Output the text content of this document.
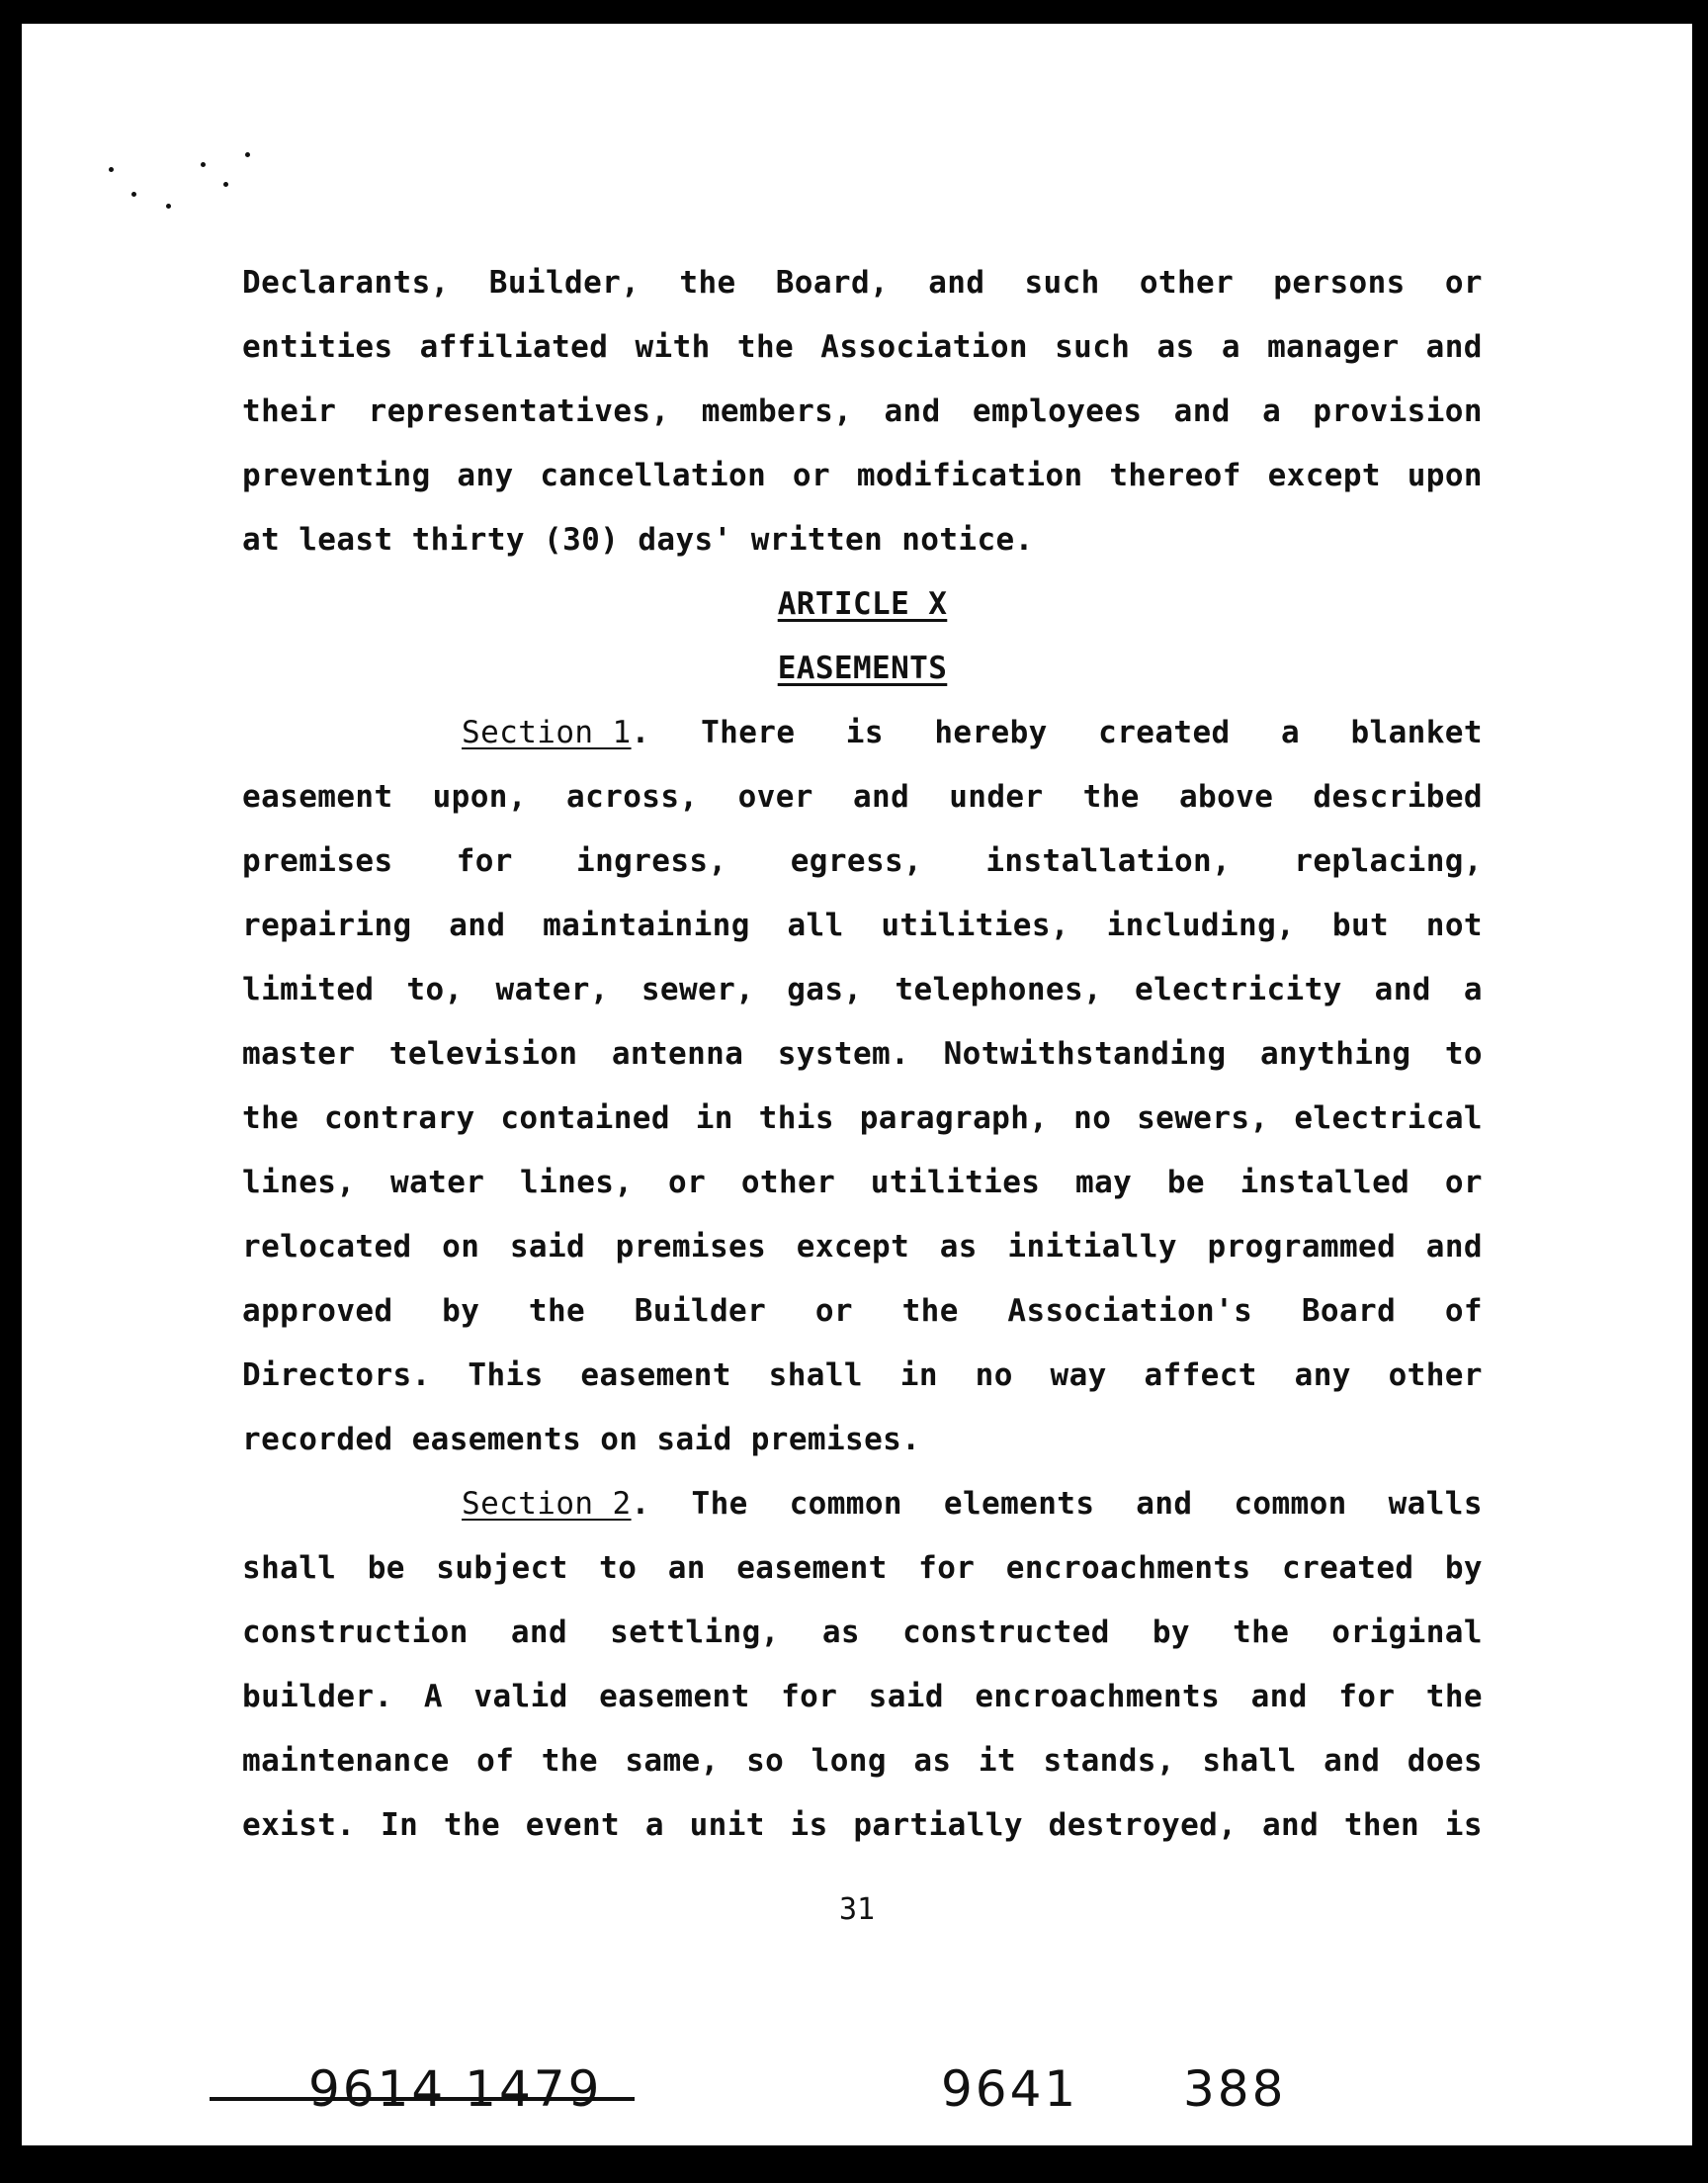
Declarants, Builder, the Board, and such other persons or
entities affiliated with the Association such as a manager and
their representatives, members, and employees and a provision
preventing any cancellation or modification thereof except upon
at least thirty (30) days' written notice.
ARTICLE X
EASEMENTS
Section 1. There is hereby created a blanket
easement upon, across, over and under the above described
premises for ingress, egress, installation, replacing,
repairing and maintaining all utilities, including, but not
limited to, water, sewer, gas, telephones, electricity and a
master television antenna system. Notwithstanding anything to
the contrary contained in this paragraph, no sewers, electrical
lines, water lines, or other utilities may be installed or
relocated on said premises except as initially programmed and
approved by the Builder or the Association's Board of
Directors. This easement shall in no way affect any other
recorded easements on said premises.
Section 2. The common elements and common walls
shall be subject to an easement for encroachments created by
construction and settling, as constructed by the original
builder. A valid easement for said encroachments and for the
maintenance of the same, so long as it stands, shall and does
exist. In the event a unit is partially destroyed, and then is
31
9614 1479	9641 388
